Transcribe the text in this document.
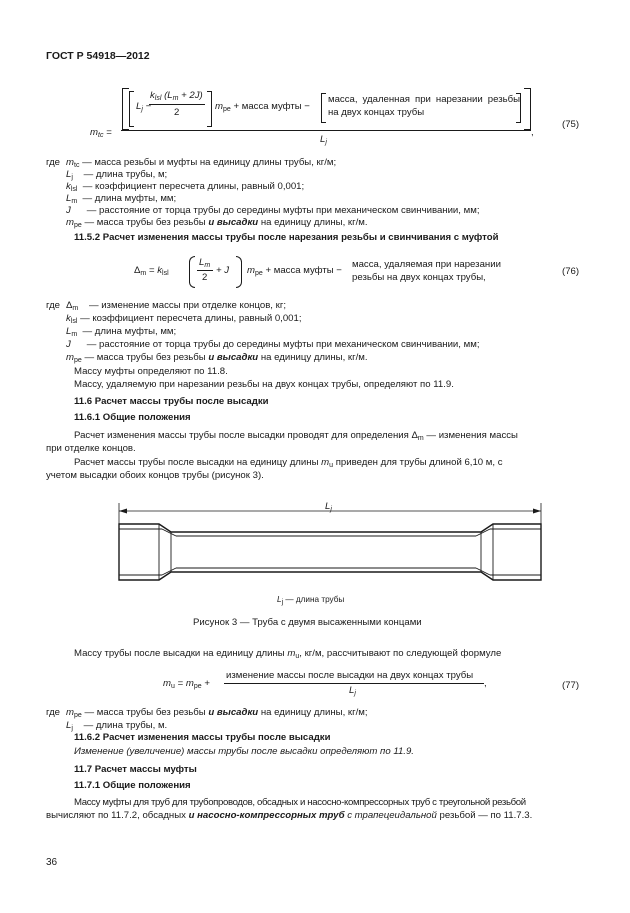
ГОСТ Р 54918—2012
$m_{tc}$ =
$L_j$ −
$k_{lsl}$ $(L_m + 2J)$
2
$m_{pe}$ + масса муфты −
масса, удаленная при нарезании резьбы
на двух концах трубы
$L_j$
,
(75)
где $m_{tc}$ — масса резьбы и муфты на единицу длины трубы, кг/м;
$L_j$ — длина трубы, м;
$k_{lsl}$ — коэффициент пересчета длины, равный 0,001;
$L_m$ — длина муфты, мм;
J — расстояние от торца трубы до середины муфты при механическом свинчивании, мм;
$m_{pe}$ — масса трубы без резьбы и высадки на единицу длины, кг/м.
11.5.2 Расчет изменения массы трубы после нарезания резьбы и свинчивания с муфтой
$\Delta_m = k_{lsl}$
$L_m$
2
+ J $m_{pe}$ + масса муфты −
масса, удаляемая при нарезании
резьбы на двух концах трубы ,
(76)
где $\Delta_m$ — изменение массы при отделке концов, кг;
$k_{lsl}$ — коэффициент пересчета длины, равный 0,001;
$L_m$ — длина муфты, мм;
J — расстояние от торца трубы до середины муфты при механическом свинчивании, мм;
$m_{pe}$ — масса трубы без резьбы и высадки на единицу длины, кг/м.
Массу муфты определяют по 11.8.
Массу, удаляемую при нарезании резьбы на двух концах трубы, определяют по 11.9.
11.6 Расчет массы трубы после высадки
11.6.1 Общие положения
Расчет изменения массы трубы после высадки проводят для определения $\Delta_m$ — изменения массы
при отделке концов.
Расчет массы трубы после высадки на единицу длины $m_u$ приведен для трубы длиной 6,10 м, с
учетом высадки обоих концов трубы (рисунок 3).
$L_j$
$L_j$ — длина трубы
Рисунок 3 — Труба с двумя высаженными концами
Массу трубы после высадки на единицу длины $m_u$, кг/м, рассчитывают по следующей формуле
$m_u = m_{pe}$ +
изменение массы после высадки на двух концах трубы
$L_j$
,	(77)
где $m_{pe}$ — масса трубы без резьбы и высадки на единицу длины, кг/м;
$L_j$ — длина трубы, м.
11.6.2 Расчет изменения массы трубы после высадки
Изменение (увеличение) массы трубы после высадки определяют по 11.9.
11.7 Расчет массы муфты
11.7.1 Общие положения
Массу муфты для труб для трубопроводов, обсадных и насосно-компрессорных труб с треугольной резьбой
вычисляют по 11.7.2, обсадных и насосно-компрессорных труб с трапецеидальной резьбой — по 11.7.3.
36
